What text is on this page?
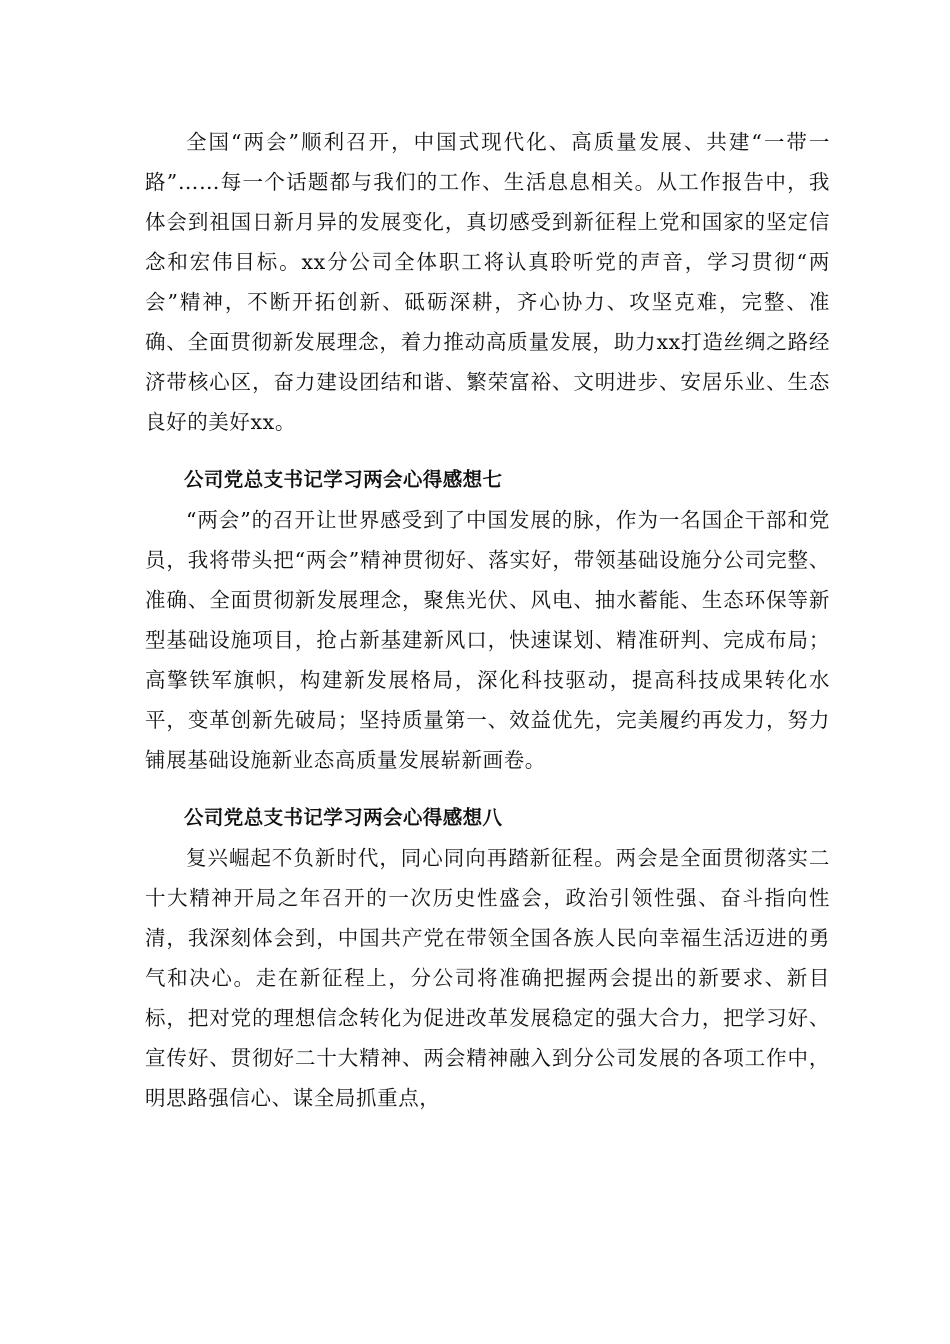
全国“两会”顺利召开，中国式现代化、高质量发展、共建“一带一路”……每一个话题都与我们的工作、生活息息相关。从工作报告中，我体会到祖国日新月异的发展变化，真切感受到新征程上党和国家的坚定信念和宏伟目标。xx分公司全体职工将认真聆听党的声音，学习贯彻“两会”精神，不断开拓创新、砥砺深耕，齐心协力、攻坚克难，完整、准确、全面贯彻新发展理念，着力推动高质量发展，助力xx打造丝绸之路经济带核心区，奋力建设团结和谐、繁荣富裕、文明进步、安居乐业、生态良好的美好xx。

公司党总支书记学习两会心得感想七

“两会”的召开让世界感受到了中国发展的脉，作为一名国企干部和党员，我将带头把“两会”精神贯彻好、落实好，带领基础设施分公司完整、准确、全面贯彻新发展理念，聚焦光伏、风电、抽水蓄能、生态环保等新型基础设施项目，抢占新基建新风口，快速谋划、精准研判、完成布局；高擎铁军旗帜，构建新发展格局，深化科技驱动，提高科技成果转化水平，变革创新先破局；坚持质量第一、效益优先，完美履约再发力，努力铺展基础设施新业态高质量发展崭新画卷。

公司党总支书记学习两会心得感想八

复兴崛起不负新时代，同心同向再踏新征程。两会是全面贯彻落实二十大精神开局之年召开的一次历史性盛会，政治引领性强、奋斗指向性清，我深刻体会到，中国共产党在带领全国各族人民向幸福生活迈进的勇气和决心。走在新征程上，分公司将准确把握两会提出的新要求、新目标，把对党的理想信念转化为促进改革发展稳定的强大合力，把学习好、宣传好、贯彻好二十大精神、两会精神融入到分公司发展的各项工作中，明思路强信心、谋全局抓重点，
